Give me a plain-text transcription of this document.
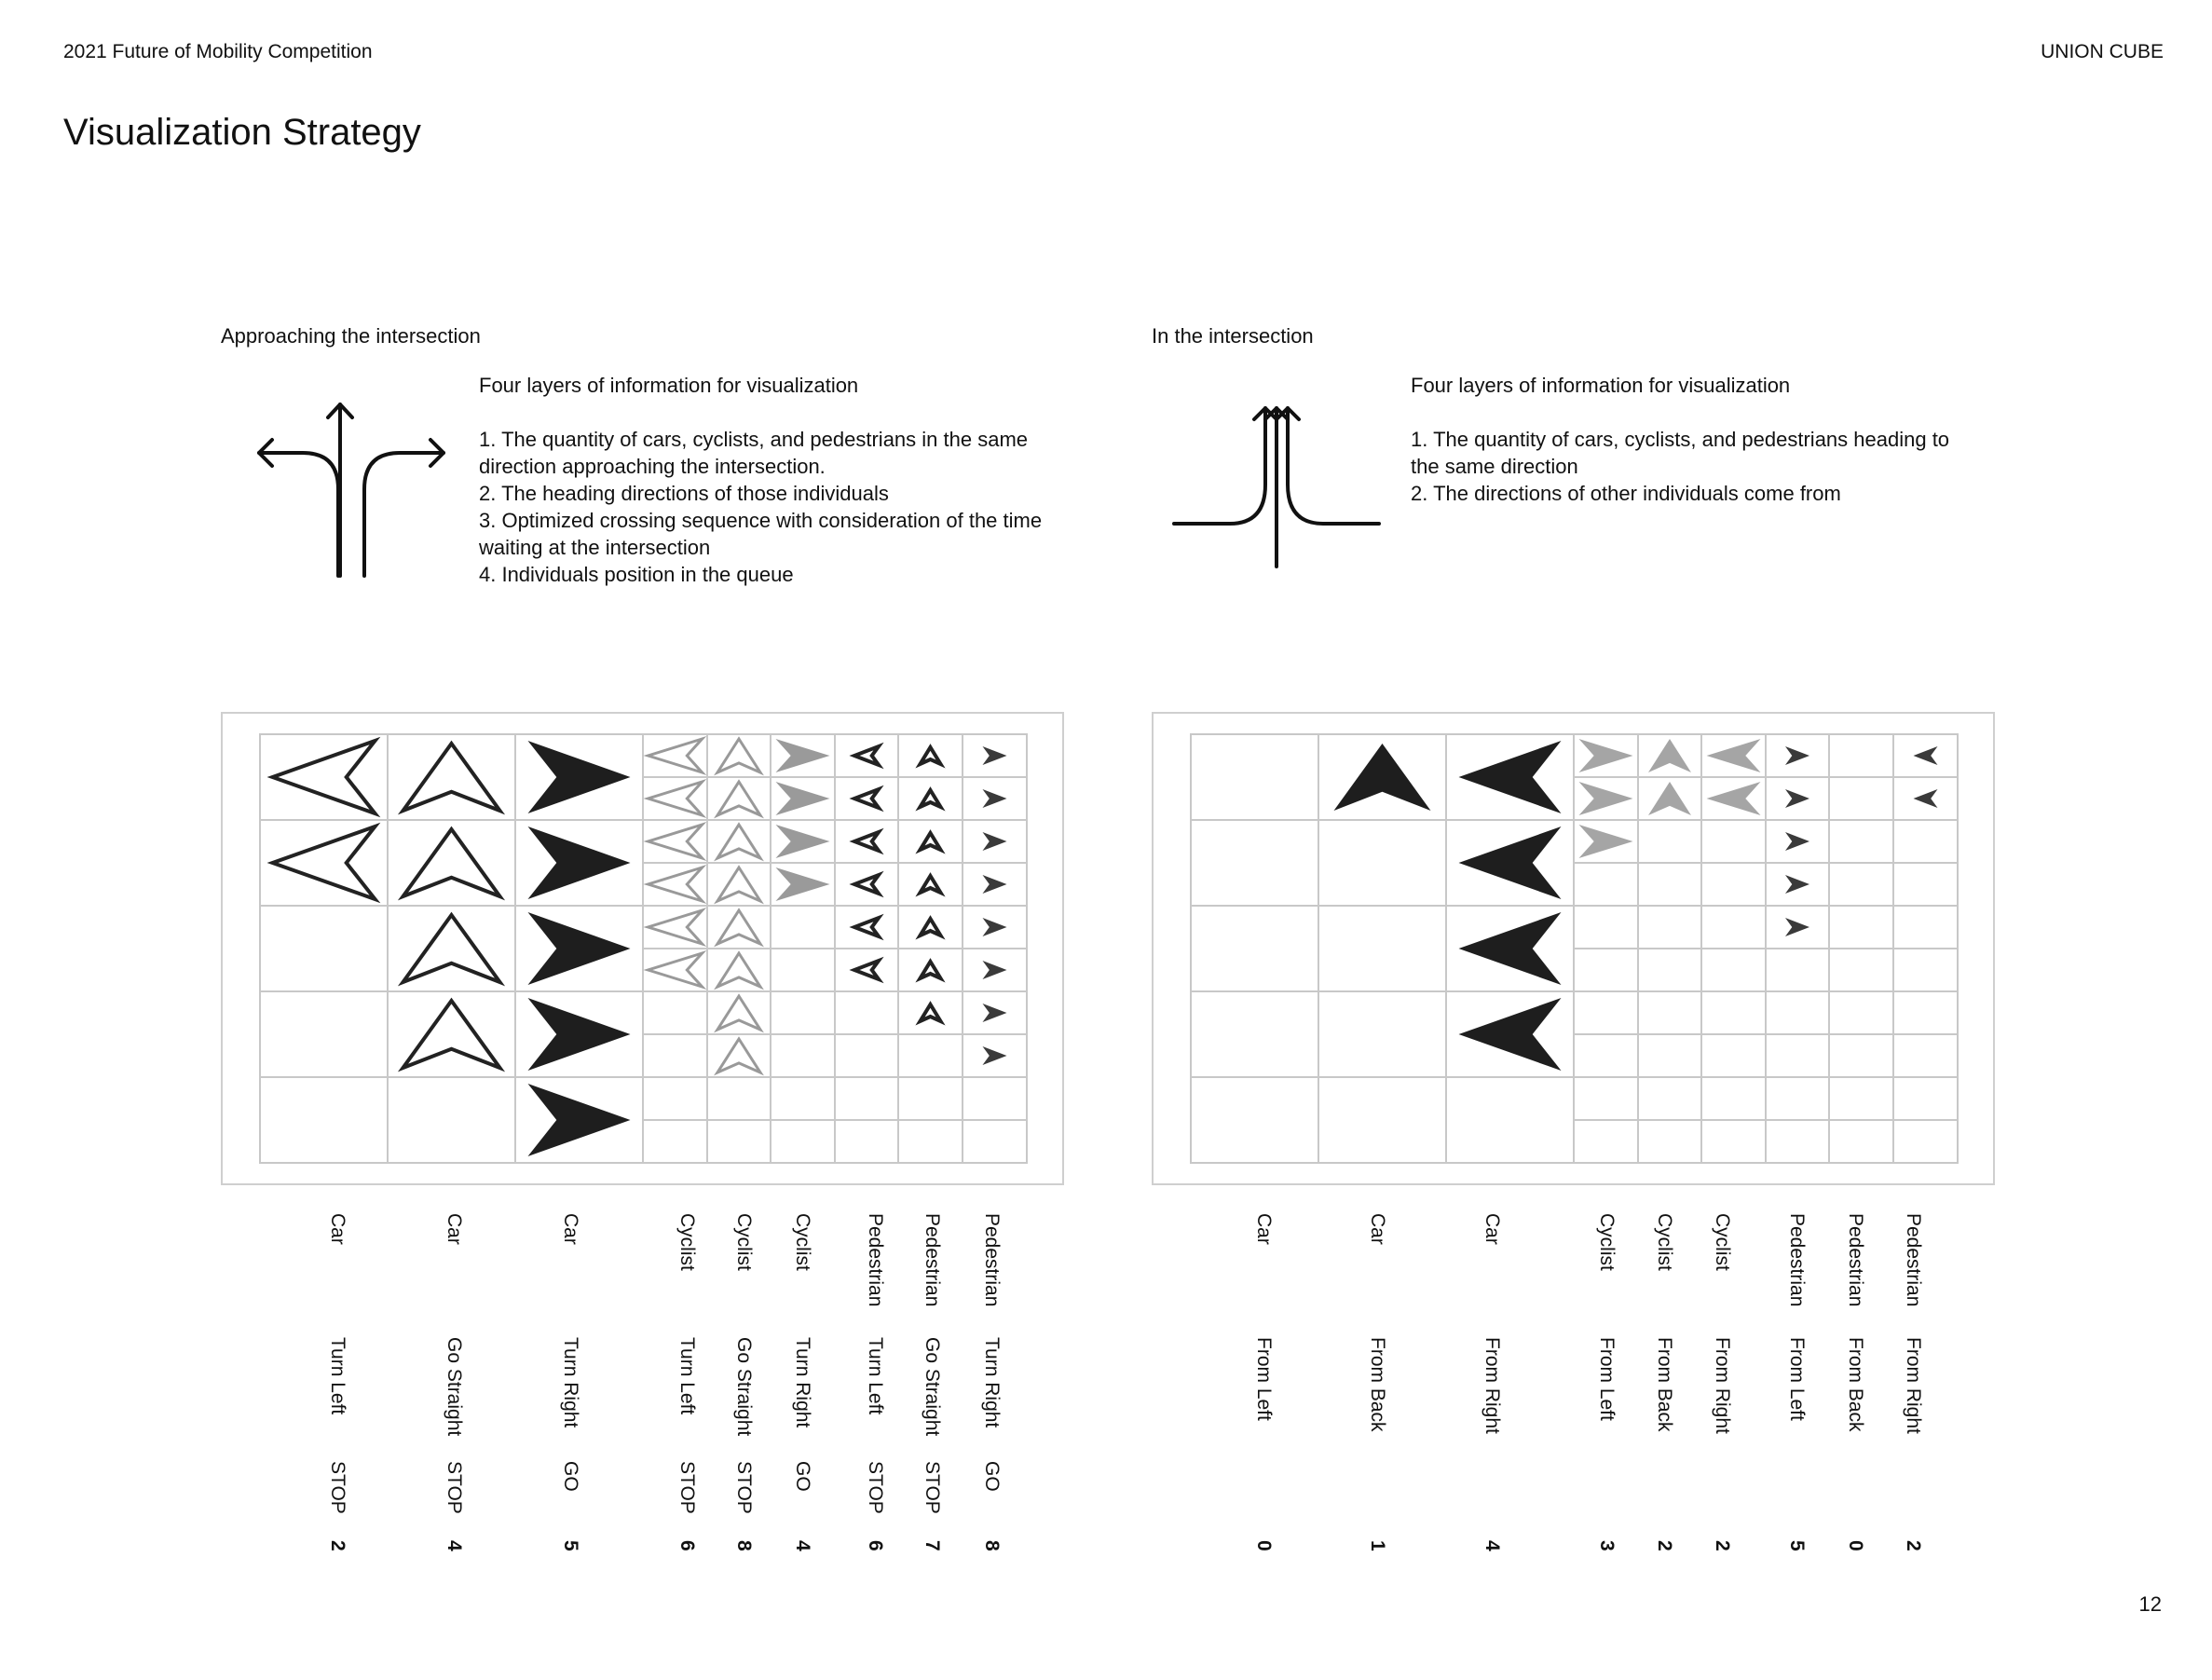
2021 Future of Mobility Competition	UNION CUBE
Visualization Strategy
Approaching the intersection

Four layers of information for visualization

1. The quantity of cars, cyclists, and pedestrians in the same

direction approaching the intersection.

2. The heading directions of those individuals

3. Optimized crossing sequence with consideration of the time

waiting at the intersection

4. Individuals position in the queue

In the intersection

Four layers of information for visualization

1. The quantity of cars, cyclists, and pedestrians heading to

the same direction

2. The directions of other individuals come from

Car
Turn Left
STOP
2
Car
Go Straight
STOP
4
Car
Turn Right
GO
5
Cyclist
Turn Left
STOP
6
Cyclist
Go Straight
STOP
8
Cyclist
Turn Right
GO
4
Pedestrian
Turn Left
STOP
6
Pedestrian
Go Straight
STOP
7
Pedestrian
Turn Right
GO
8
Car
From Left
0
Car
From Back
1
Car
From Right
4
Cyclist
From Left
3
Cyclist
From Back
2
Cyclist
From Right
2
Pedestrian
From Left
5
Pedestrian
From Back
0
Pedestrian
From Right
2
12
